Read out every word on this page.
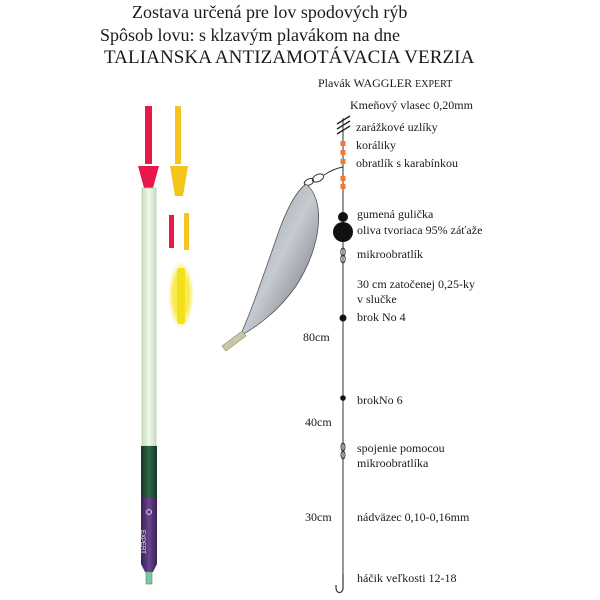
Zostava určená pre lov spodových rýb
Spôsob lovu: s klzavým plavákom na dne
TALIANSKA ANTIZAMOTÁVACIA VERZIA
EXPERT
Plavák WAGGLER EXPERT
Kmeňový vlasec 0,20mm
zarážkové uzlíky
koráliky
obratlík s karabínkou
gumená gulička
oliva tvoriaca 95% záťaže
mikroobratlík
30 cm zatočenej 0,25-ky
v slučke
brok No 4
brokNo 6
spojenie pomocou
mikroobratlíka
nádväzec 0,10-0,16mm
háčik veľkosti 12-18
80cm
40cm
30cm
